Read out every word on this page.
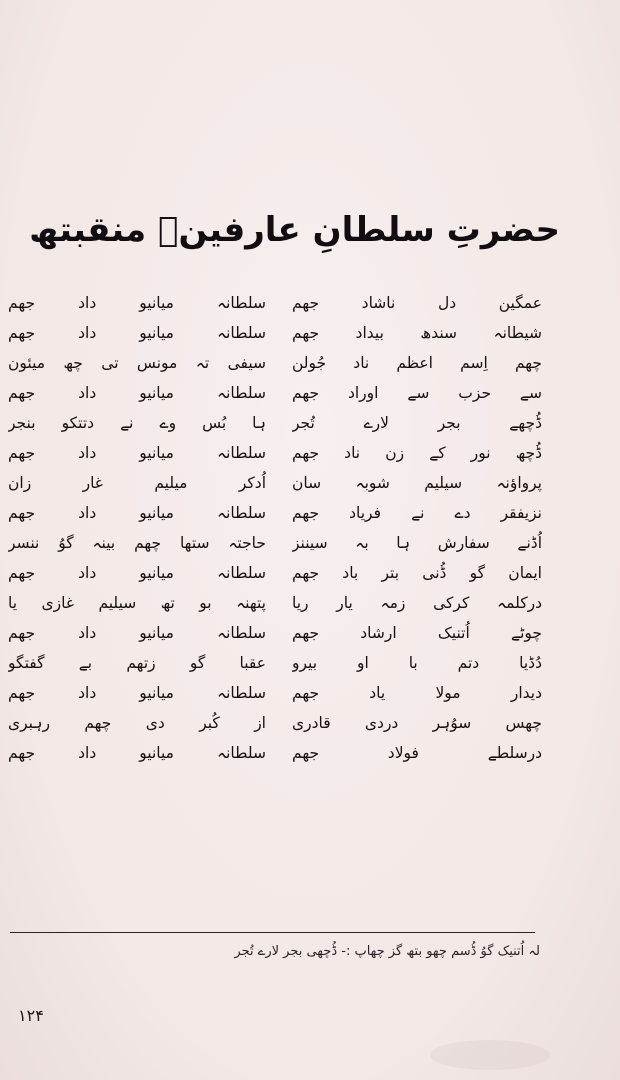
حضرتِ سلطانِ عارفینؒ منقبتھ
عمگین دل ناشاد جھم
شیطانہ سندھ بیداد جھم
چھم اِسم اعظم ناد جُولن
سے حزب سے اوراد جھم
ڈُچھے بجر لارے تُجر
ڈُچھ نور کے زن ناد جھم
پرواؤنہ سیلیم شوبہ سان
نزیفقر دے نے فریاد جھم
اُڈنے سفارش ہا بہ سیننز
ایمان گو ڈُنی بتر باد جھم
درکلمہ کرکی زمہ یار ریا
چوٹے اُتنیک ارشاد جھم
دُڈیا دتم با او بیرو
دیدار مولا یاد جھم
چھس سوُہر دردی قادری
درسلطے فولاد جھم
سلطانہ میانیو داد جھم
سلطانہ میانیو داد جھم
سیفی تہ مونس تی چھ میئون
سلطانہ میانیو داد جھم
ہا بُس وے نے دتتکو بنجر
سلطانہ میانیو داد جھم
اُدکر میلیم غار زان
سلطانہ میانیو داد جھم
حاجتہ ستھا چھم بینہ گوُ ننسر
سلطانہ میانیو داد جھم
پتھنہ بو تھ سیلیم غازی یا
سلطانہ میانیو داد جھم
عقبا گو زتھم بے گفتگو
سلطانہ میانیو داد جھم
از کُبر دی چھم رہبری
سلطانہ میانیو داد جھم
لہ اُتنیک گوُ ڈُسم چھو بتھ گز چھاپ :- ڈُچھی بجر لارے تُجر
۱۲۴
